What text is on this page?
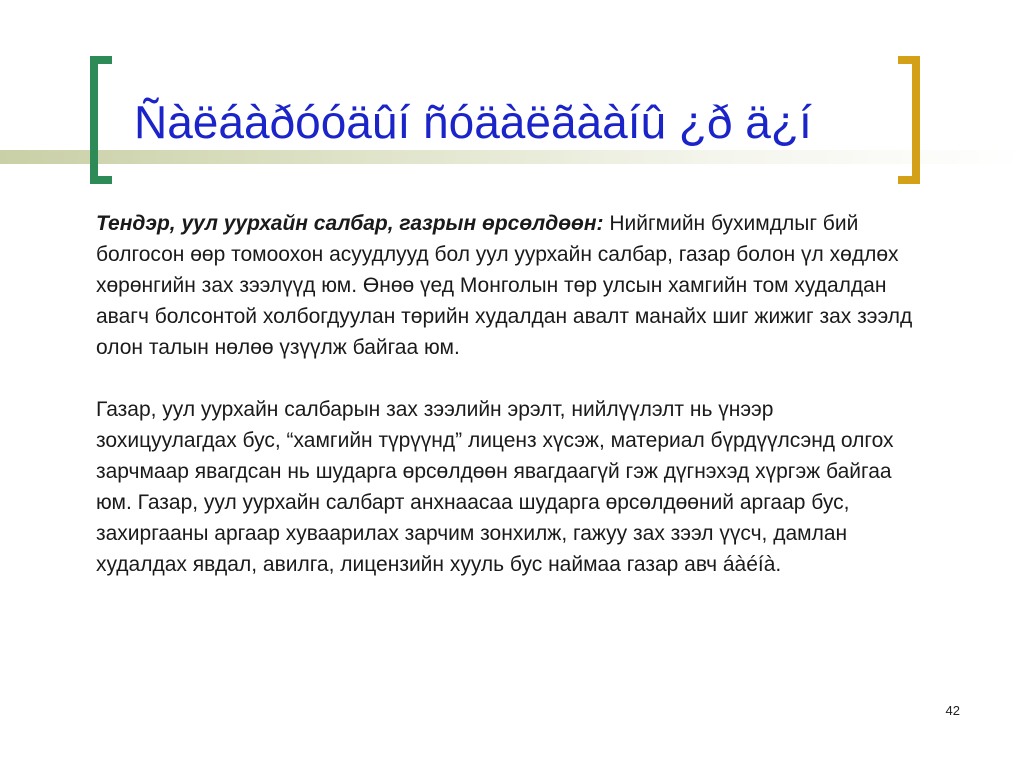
Ñàëáàðóóäûí ñóäàëãààíû ¿ð ä¿í

Тендэр, уул уурхайн салбар, газрын өрсөлдөөн: Нийгмийн бухимдлыг бий болгосон өөр томоохон асуудлууд бол уул уурхайн салбар, газар болон үл хөдлөх хөрөнгийн зах зээлүүд юм. Өнөө үед Монголын төр улсын хамгийн том худалдан авагч болсонтой холбогдуулан төрийн худалдан авалт манайх шиг жижиг зах зээлд олон талын нөлөө үзүүлж байгаа юм.

Газар, уул уурхайн салбарын зах зээлийн эрэлт, нийлүүлэлт нь үнээр зохицуулагдах бус, “хамгийн түрүүнд” лиценз хүсэж, материал бүрдүүлсэнд олгох зарчмаар явагдсан нь шударга өрсөлдөөн явагдаагүй гэж дүгнэхэд хүргэж байгаа юм. Газар, уул уурхайн салбарт анхнаасаа шударга өрсөлдөөний аргаар бус, захиргааны аргаар хуваарилах зарчим зонхилж, гажуу зах зээл үүсч, дамлан худалдах явдал, авилга, лицензийн хууль бус наймаа газар авч áàéíà.

42
